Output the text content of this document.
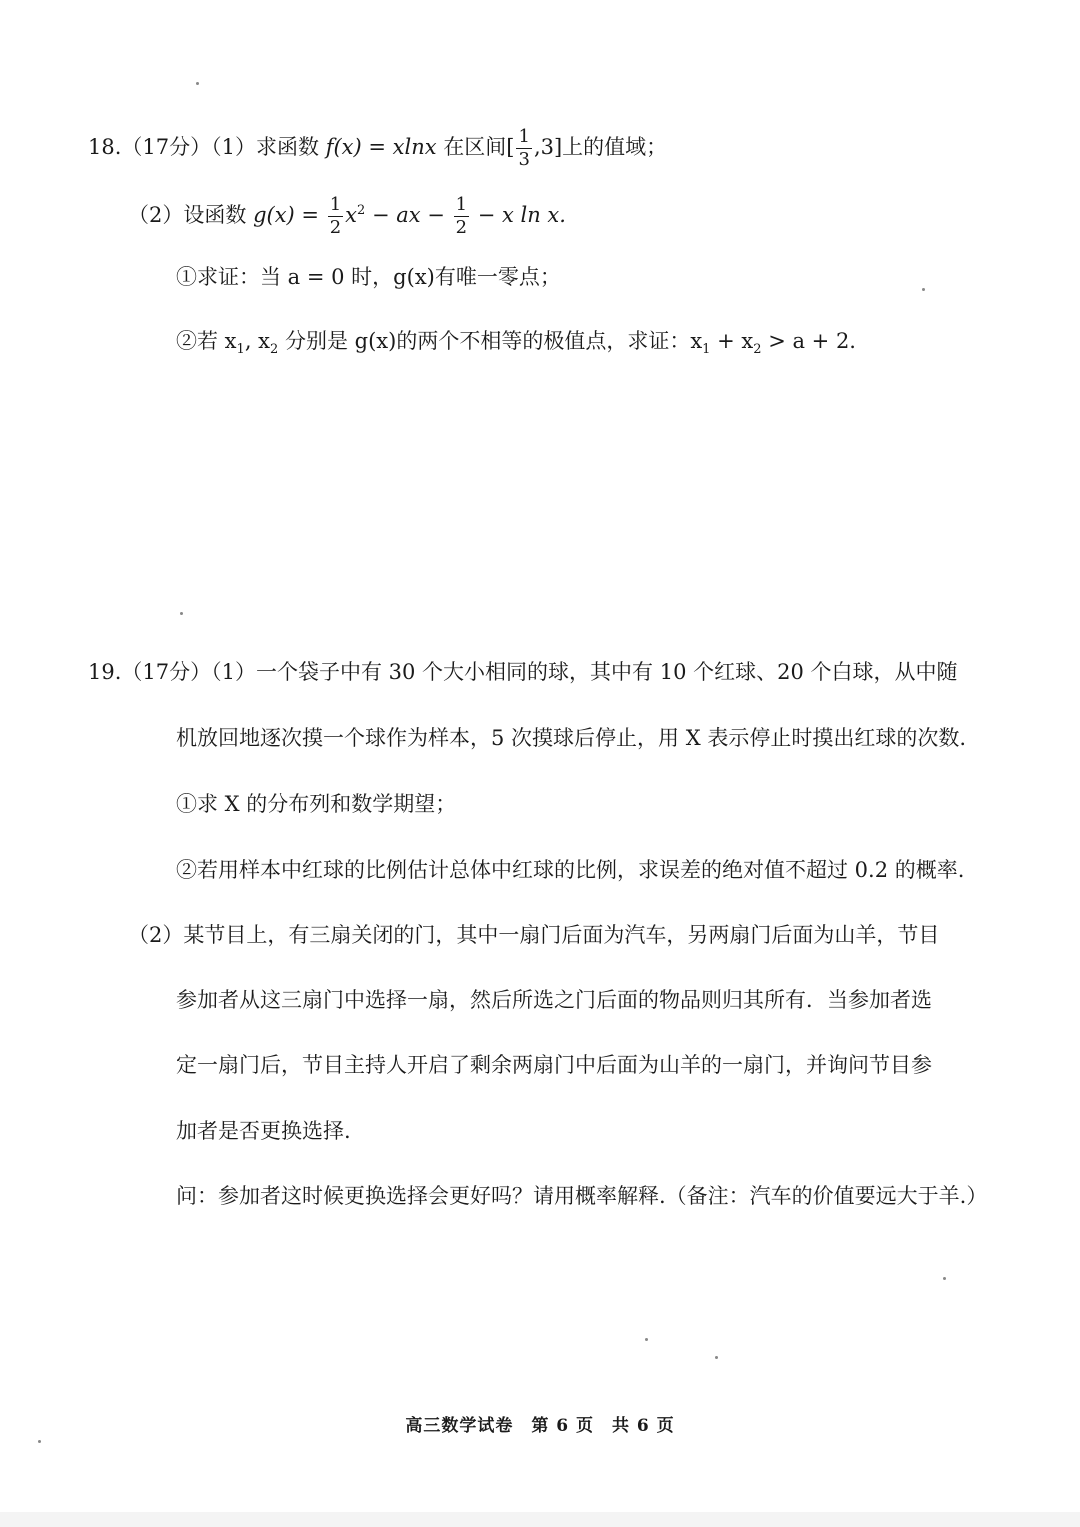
18.（17分）（1）求函数 f(x) = xlnx 在区间[ $\frac{1}{3} ,3$]上的值域；
（2）设函数 $g(x) = \frac{1}{2} x^2$ − ax − $\frac{1}{2} - x$ ln x.
①求证：当 a = 0 时，g(x)有唯一零点；
②若 $x_1$, $x_2$ 分别是 g(x)的两个不相等的极值点，求证：$x_1 + x_2 > a + 2$.
19.（17分）（1）一个袋子中有 30 个大小相同的球，其中有 10 个红球、20 个白球，从中随
机放回地逐次摸一个球作为样本，5 次摸球后停止，用 X 表示停止时摸出红球的次数.
①求 X 的分布列和数学期望；
②若用样本中红球的比例估计总体中红球的比例，求误差的绝对值不超过 0.2 的概率.
（2）某节目上，有三扇关闭的门，其中一扇门后面为汽车，另两扇门后面为山羊，节目
参加者从这三扇门中选择一扇，然后所选之门后面的物品则归其所有．当参加者选
定一扇门后，节目主持人开启了剩余两扇门中后面为山羊的一扇门，并询问节目参
加者是否更换选择.
问：参加者这时候更换选择会更好吗？请用概率解释.（备注：汽车的价值要远大于羊.）
高三数学试卷　第 6 页　共 6 页
